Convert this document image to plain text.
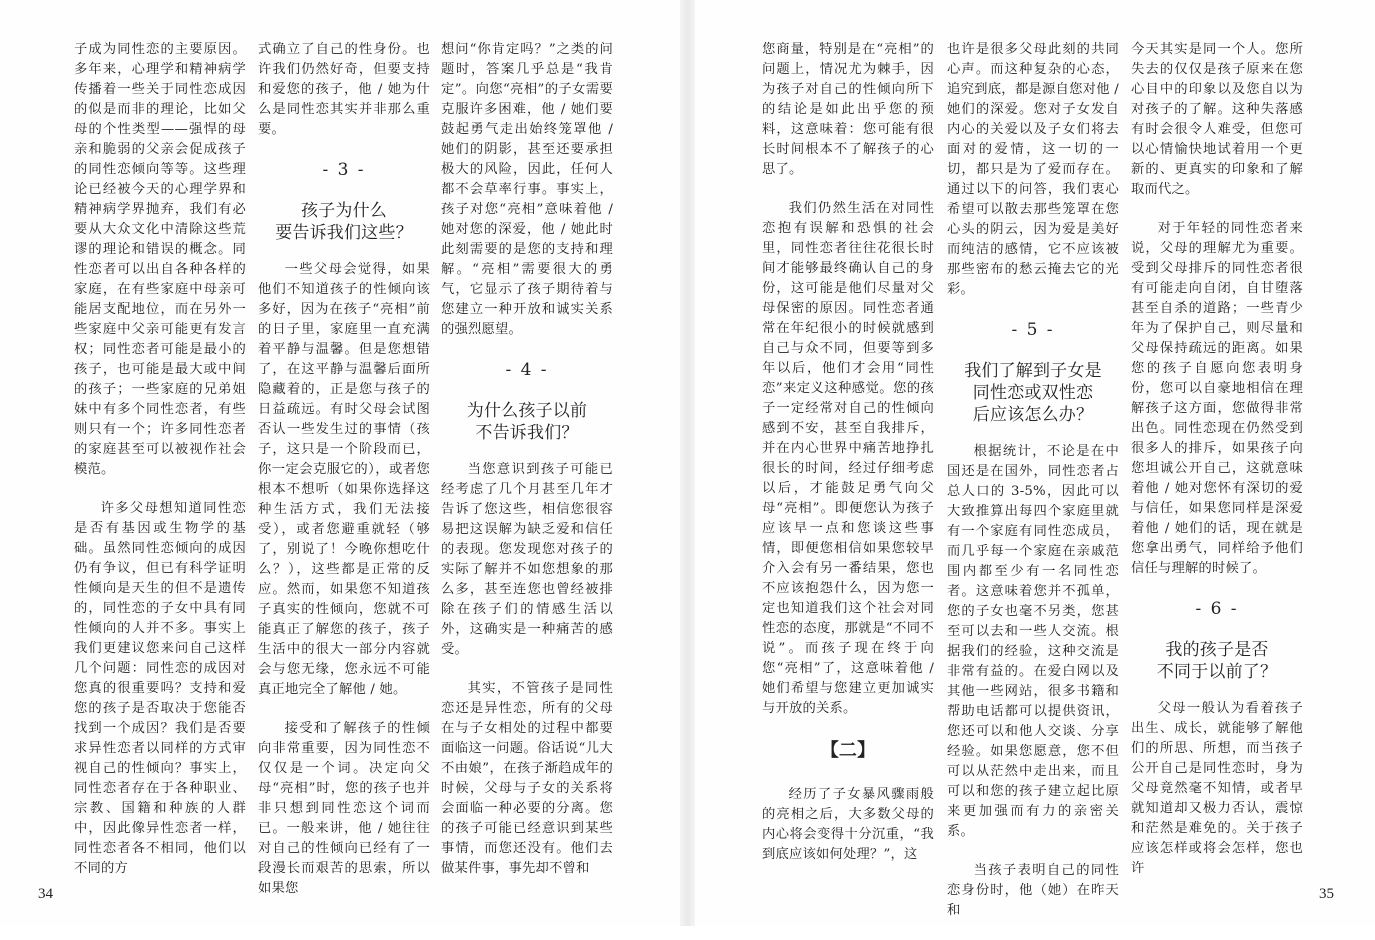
子成为同性恋的主要原因。多年来，心理学和精神病学传播着一些关于同性恋成因的似是而非的理论，比如父母的个性类型——强悍的母亲和脆弱的父亲会促成孩子的同性恋倾向等等。这些理论已经被今天的心理学界和精神病学界抛弃，我们有必要从大众文化中清除这些荒谬的理论和错误的概念。同性恋者可以出自各种各样的家庭，在有些家庭中母亲可能居支配地位，而在另外一些家庭中父亲可能更有发言权；同性恋者可能是最小的孩子，也可能是最大或中间的孩子；一些家庭的兄弟姐妹中有多个同性恋者，有些则只有一个；许多同性恋者的家庭甚至可以被视作社会模范。

许多父母想知道同性恋是否有基因或生物学的基础。虽然同性恋倾向的成因仍有争议，但已有科学证明性倾向是天生的但不是遗传的，同性恋的子女中具有同性倾向的人并不多。事实上我们更建议您来问自己这样几个问题：同性恋的成因对您真的很重要吗？支持和爱您的孩子是否取决于您能否找到一个成因？我们是否要求异性恋者以同样的方式审视自己的性倾向？事实上，同性恋者存在于各种职业、宗教、国籍和种族的人群中，因此像异性恋者一样，同性恋者各不相同，他们以不同的方

式确立了自己的性身份。也许我们仍然好奇，但要支持和爱您的孩子，他 / 她为什么是同性恋其实并非那么重要。

- 3 -
孩子为什么
要告诉我们这些？

一些父母会觉得，如果他们不知道孩子的性倾向该多好，因为在孩子“亮相”前的日子里，家庭里一直充满着平静与温馨。但是您想错了，在这平静与温馨后面所隐藏着的，正是您与孩子的日益疏远。有时父母会试图否认一些发生过的事情（孩子，这只是一个阶段而已，你一定会克服它的），或者您根本不想听（如果你选择这种生活方式，我们无法接受），或者您避重就轻（够了，别说了！今晚你想吃什么？），这些都是正常的反应。然而，如果您不知道孩子真实的性倾向，您就不可能真正了解您的孩子，孩子生活中的很大一部分内容就会与您无缘，您永远不可能真正地完全了解他 / 她。

接受和了解孩子的性倾向非常重要，因为同性恋不仅仅是一个词。决定向父母“亮相”时，您的孩子也并非只想到同性恋这个词而已。一般来讲，他 / 她往往对自己的性倾向已经有了一段漫长而艰苦的思索，所以如果您

想问“你肯定吗？”之类的问题时，答案几乎总是“我肯定”。向您“亮相”的子女需要克服许多困难，他 / 她们要鼓起勇气走出始终笼罩他 / 她们的阴影，甚至还要承担极大的风险，因此，任何人都不会草率行事。事实上，孩子对您“亮相”意味着他 / 她对您的深爱，他 / 她此时此刻需要的是您的支持和理解。“亮相”需要很大的勇气，它显示了孩子期待着与您建立一种开放和诚实关系的强烈愿望。

- 4 -
为什么孩子以前
不告诉我们？

当您意识到孩子可能已经考虑了几个月甚至几年才告诉了您这些，相信您很容易把这误解为缺乏爱和信任的表现。您发现您对孩子的实际了解并不如您想象的那么多，甚至连您也曾经被排除在孩子们的情感生活以外，这确实是一种痛苦的感受。

其实，不管孩子是同性恋还是异性恋，所有的父母在与子女相处的过程中都要面临这一问题。俗话说“儿大不由娘”，在孩子渐趋成年的时候，父母与子女的关系将会面临一种必要的分离。您的孩子可能已经意识到某些事情，而您还没有。他们去做某件事，事先却不曾和

34

您商量，特别是在“亮相”的问题上，情况尤为棘手，因为孩子对自己的性倾向所下的结论是如此出乎您的预料，这意味着：您可能有很长时间根本不了解孩子的心思了。

我们仍然生活在对同性恋抱有误解和恐惧的社会里，同性恋者往往花很长时间才能够最终确认自己的身份，这可能是他们尽量对父母保密的原因。同性恋者通常在年纪很小的时候就感到自己与众不同，但要等到多年以后，他们才会用“同性恋”来定义这种感觉。您的孩子一定经常对自己的性倾向感到不安，甚至自我排斥，并在内心世界中痛苦地挣扎很长的时间，经过仔细考虑以后，才能鼓足勇气向父母“亮相”。即便您认为孩子应该早一点和您谈这些事情，即便您相信如果您较早介入会有另一番结果，您也不应该抱怨什么，因为您一定也知道我们这个社会对同性恋的态度，那就是“不同不说”。而孩子现在终于向您“亮相”了，这意味着他 / 她们希望与您建立更加诚实与开放的关系。

【二】

经历了子女暴风骤雨般的亮相之后，大多数父母的内心将会变得十分沉重，“我到底应该如何处理？”，这

也许是很多父母此刻的共同心声。而这种复杂的心态，追究到底，都是源自您对他 / 她们的深爱。您对子女发自内心的关爱以及子女们将去面对的爱情，这一切的一切，都只是为了爱而存在。通过以下的问答，我们衷心希望可以散去那些笼罩在您心头的阴云，因为爱是美好而纯洁的感情，它不应该被那些密布的愁云掩去它的光彩。

- 5 -
我们了解到子女是
同性恋或双性恋
后应该怎么办？

根据统计，不论是在中国还是在国外，同性恋者占总人口的 3-5%，因此可以大致推算出每四个家庭里就有一个家庭有同性恋成员，而几乎每一个家庭在亲戚范围内都至少有一名同性恋者。这意味着您并不孤单，您的子女也毫不另类，您甚至可以去和一些人交流。根据我们的经验，这种交流是非常有益的。在爱白网以及其他一些网站，很多书籍和帮助电话都可以提供资讯，您还可以和他人交谈、分享经验。如果您愿意，您不但可以从茫然中走出来，而且可以和您的孩子建立起比原来更加强而有力的亲密关系。

当孩子表明自己的同性恋身份时，他（她）在昨天和

今天其实是同一个人。您所失去的仅仅是孩子原来在您心目中的印象以及您自以为对孩子的了解。这种失落感有时会很令人难受，但您可以心情愉快地试着用一个更新的、更真实的印象和了解取而代之。

对于年轻的同性恋者来说，父母的理解尤为重要。受到父母排斥的同性恋者很有可能走向自闭，自甘堕落甚至自杀的道路；一些青少年为了保护自己，则尽量和父母保持疏远的距离。如果您的孩子自愿向您表明身份，您可以自豪地相信在理解孩子这方面，您做得非常出色。同性恋现在仍然受到很多人的排斥，如果孩子向您坦诚公开自己，这就意味着他 / 她对您怀有深切的爱与信任，如果您同样是深爱着他 / 她们的话，现在就是您拿出勇气，同样给予他们信任与理解的时候了。

- 6 -
我的孩子是否
不同于以前了？

父母一般认为看着孩子出生、成长，就能够了解他们的所思、所想，而当孩子公开自己是同性恋时，身为父母竟然毫不知情，或者早就知道却又极力否认，震惊和茫然是难免的。关于孩子应该怎样或将会怎样，您也许

35
